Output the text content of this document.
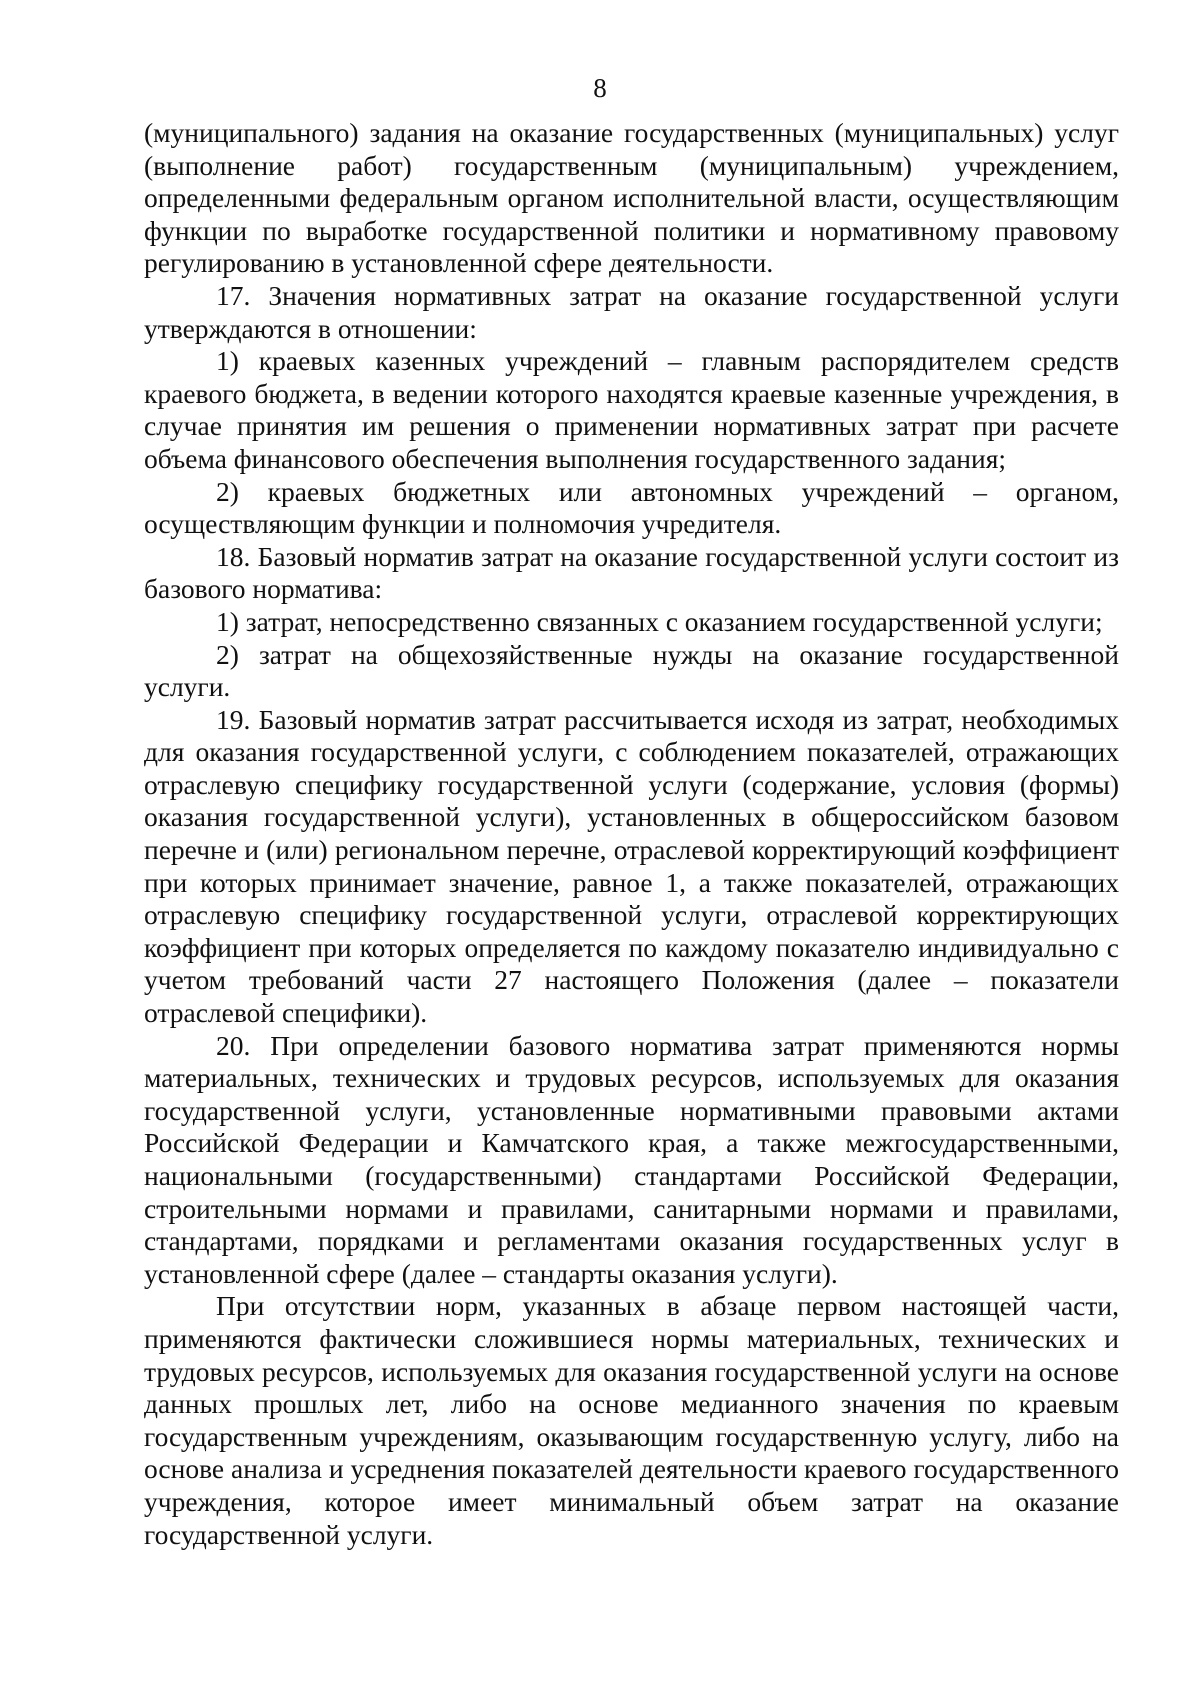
8

(муниципального) задания на оказание государственных (муниципальных) услуг (выполнение работ) государственным (муниципальным) учреждением, определенными федеральным органом исполнительной власти, осуществляющим функции по выработке государственной политики и нормативному правовому регулированию в установленной сфере деятельности.

17. Значения нормативных затрат на оказание государственной услуги утверждаются в отношении:

1) краевых казенных учреждений – главным распорядителем средств краевого бюджета, в ведении которого находятся краевые казенные учреждения, в случае принятия им решения о применении нормативных затрат при расчете объема финансового обеспечения выполнения государственного задания;

2) краевых бюджетных или автономных учреждений – органом, осуществляющим функции и полномочия учредителя.

18. Базовый норматив затрат на оказание государственной услуги состоит из базового норматива:

1) затрат, непосредственно связанных с оказанием государственной услуги;

2) затрат на общехозяйственные нужды на оказание государственной услуги.

19. Базовый норматив затрат рассчитывается исходя из затрат, необходимых для оказания государственной услуги, с соблюдением показателей, отражающих отраслевую специфику государственной услуги (содержание, условия (формы) оказания государственной услуги), установленных в общероссийском базовом перечне и (или) региональном перечне, отраслевой корректирующий коэффициент при которых принимает значение, равное 1, а также показателей, отражающих отраслевую специфику государственной услуги, отраслевой корректирующих коэффициент при которых определяется по каждому показателю индивидуально с учетом требований части 27 настоящего Положения (далее – показатели отраслевой специфики).

20. При определении базового норматива затрат применяются нормы материальных, технических и трудовых ресурсов, используемых для оказания государственной услуги, установленные нормативными правовыми актами Российской Федерации и Камчатского края, а также межгосударственными, национальными (государственными) стандартами Российской Федерации, строительными нормами и правилами, санитарными нормами и правилами, стандартами, порядками и регламентами оказания государственных услуг в установленной сфере (далее – стандарты оказания услуги).

При отсутствии норм, указанных в абзаце первом настоящей части, применяются фактически сложившиеся нормы материальных, технических и трудовых ресурсов, используемых для оказания государственной услуги на основе данных прошлых лет, либо на основе медианного значения по краевым государственным учреждениям, оказывающим государственную услугу, либо на основе анализа и усреднения показателей деятельности краевого государственного учреждения, которое имеет минимальный объем затрат на оказание государственной услуги.
